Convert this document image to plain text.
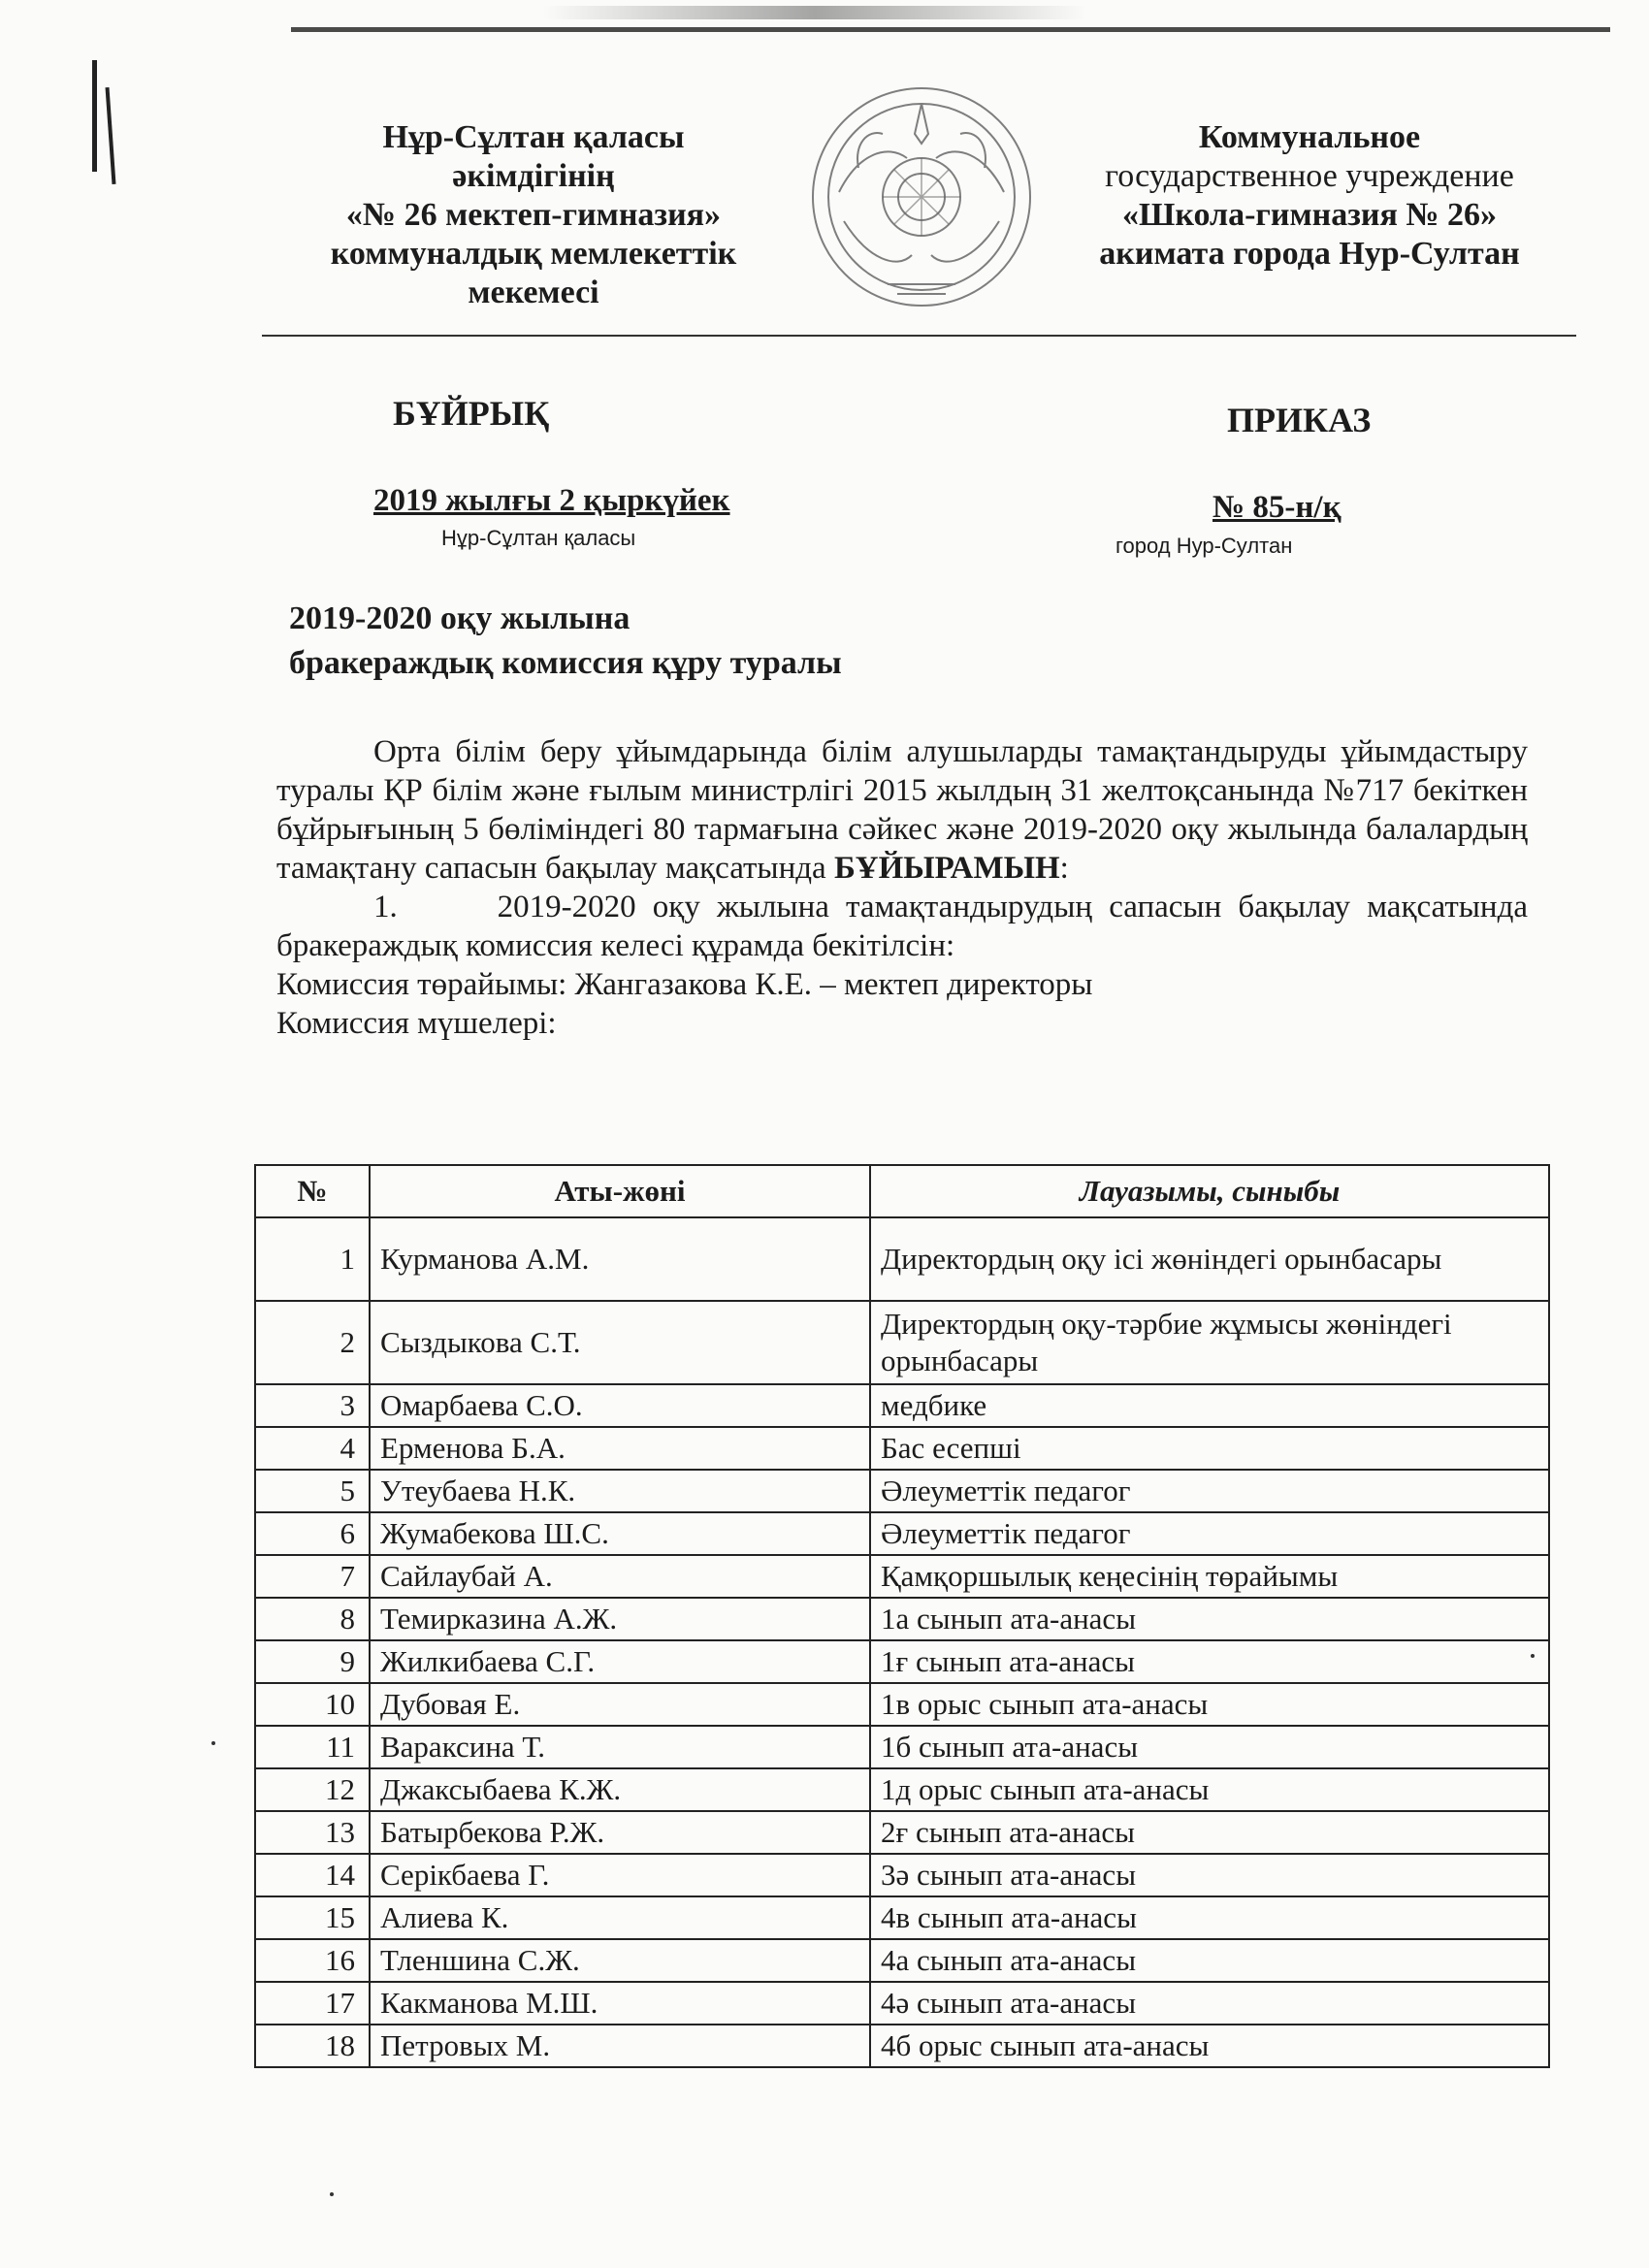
Нұр-Сұлтан қаласы
әкімдігінің
«№ 26 мектеп-гимназия»
коммуналдық мемлекеттік
мекемесі
Коммунальное
государственное учреждение
«Школа-гимназия № 26»
акимата города Нур-Султан
БҰЙРЫҚ	ПРИКАЗ
2019 жылғы 2 қыркүйек	№ 85-н/қ
Нұр-Сұлтан қаласы	город Нур-Султан
2019-2020 оқу жылына
бракераждық комиссия құру туралы

Орта білім беру ұйымдарында білім алушыларды тамақтандыруды ұйымдастыру туралы ҚР білім және ғылым министрлігі 2015 жылдың 31 желтоқсанында №717 бекіткен бұйрығының 5 бөліміндегі 80 тармағына сәйкес және 2019-2020 оқу жылында балалардың тамақтану сапасын бақылау мақсатында БҰЙЫРАМЫН:

1.	2019-2020 оқу жылына тамақтандырудың сапасын бақылау мақсатында бракераждық комиссия келесі құрамда бекітілсін:

Комиссия төрайымы: Жангазакова К.Е. – мектеп директоры

Комиссия мүшелері:

№	Аты-жөні	Лауазымы, сыныбы
1	Курманова А.М.	Директордың оқу ісі жөніндегі орынбасары
2	Сыздыкова С.Т.	Директордың оқу-тәрбие жұмысы жөніндегі орынбасары
3	Омарбаева С.О.	медбике
4	Ерменова Б.А.	Бас есепші
5	Утеубаева Н.К.	Әлеуметтік педагог
6	Жумабекова Ш.С.	Әлеуметтік педагог
7	Сайлаубай А.	Қамқоршылық кеңесінің төрайымы
8	Темирказина А.Ж.	1а сынып ата-анасы
9	Жилкибаева С.Г.	1ғ сынып ата-анасы
10	Дубовая Е.	1в орыс сынып ата-анасы
11	Вараксина Т.	1б сынып ата-анасы
12	Джаксыбаева К.Ж.	1д орыс сынып ата-анасы
13	Батырбекова Р.Ж.	2ғ сынып ата-анасы
14	Серікбаева Г.	3ә сынып ата-анасы
15	Алиева К.	4в сынып ата-анасы
16	Тленшина С.Ж.	4а сынып ата-анасы
17	Какманова М.Ш.	4ә сынып ата-анасы
18	Петровых М.	4б орыс сынып ата-анасы
